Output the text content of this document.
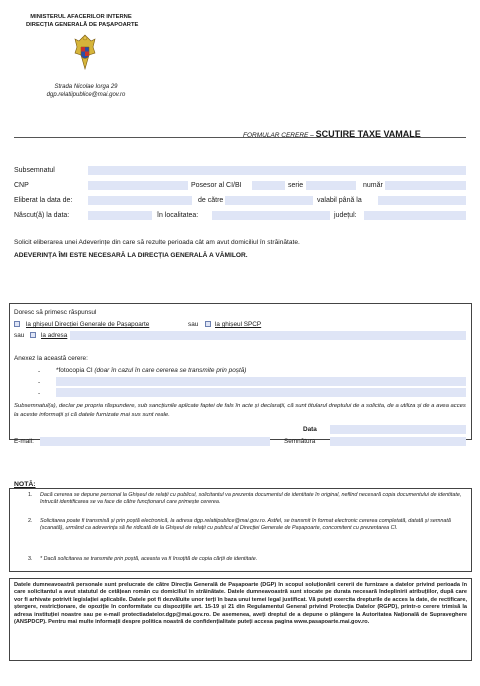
MINISTERUL AFACERILOR INTERNE
DIRECȚIA GENERALĂ DE PAȘAPOARTE
Strada Nicolae Iorga 29
dgp.relatiipublice@mai.gov.ro
FORMULAR CERERE – SCUTIRE TAXE VAMALE
Subsemnatul
CNP	Posesor al CI/BI	serie	număr
Eliberat la data de:	de către	valabil până la
Născut(ă) la data:	în localitatea:	județul:
Solicit eliberarea unei Adeverințe din care să rezulte perioada cât am avut domiciliul în străinătate.
ADEVERINȚA ÎMI ESTE NECESARĂ LA DIRECȚIA GENERALĂ A VĂMILOR.
Doresc să primesc răspunsul
la ghișeul Direcției Generale de Pașapoarte	sau	la ghișeul SPCP
sau	la adresa
Anexez la această cerere:
- *fotocopia CI (doar în cazul în care cererea se transmite prin poștă)
-
-
Subsemnatul(a), declar pe propria răspundere, sub sancțiunile aplicate faptei de fals în acte și declarații, că sunt titularul dreptului de a solicita, de a utiliza și de a avea acces la aceste informații și că datele furnizate mai sus sunt reale.
Data
E-mail:	Semnătura
NOTĂ:
1. Dacă cererea se depune personal la Ghișeul de relații cu publicul, solicitantul va prezenta documentul de identitate în original, neflind necesară copia documentului de identitate, întrucât identificarea se va face de către funcționarul care primește cererea.
2. Solicitarea poate fi transmisă și prin poștă electronică, la adresa dgp.relatiipublice@mai.gov.ro. Astfel, se transmit în format electronic cererea completată, datată și semnată (scanată), urmând ca adeverința să fie ridicată de la Ghișeul de relații cu publicul al Direcției Generale de Pașapoarte, concomitent cu prezentarea CI.
3. * Dacă solicitarea se transmite prin poștă, aceasta va fi însoțită de copia cărții de identitate.
Datele dumneavoastră personale sunt prelucrate de către Direcția Generală de Pașapoarte (DGP) în scopul soluționării cererii de furnizare a datelor privind perioada în care solicitantul a avut statutul de cetățean român cu domiciliul în străinătate. Datele dumneavoastră sunt stocate pe durata necesară îndeplinirii atribuțiilor, după care vor fi arhivate potrivit legislației aplicabile. Datele pot fi dezvăluite unor terți în baza unui temei legal justificat. Vă puteți exercita drepturile de acces la date, de rectificare, ștergere, restricționare, de opoziție în conformitate cu dispozițiile art. 15-19 și 21 din Regulamentul General privind Protecția Datelor (RGPD), printr-o cerere trimisă la adresa instituției noastre sau pe e-mail protectiadatelor.dgp@mai.gov.ro. De asemenea, aveți dreptul de a depune o plângere la Autoritatea Națională de Supraveghere (ANSPDCP). Pentru mai multe informații despre politica noastră de confidențialitate puteți accesa pagina www.pasapoarte.mai.gov.ro.
